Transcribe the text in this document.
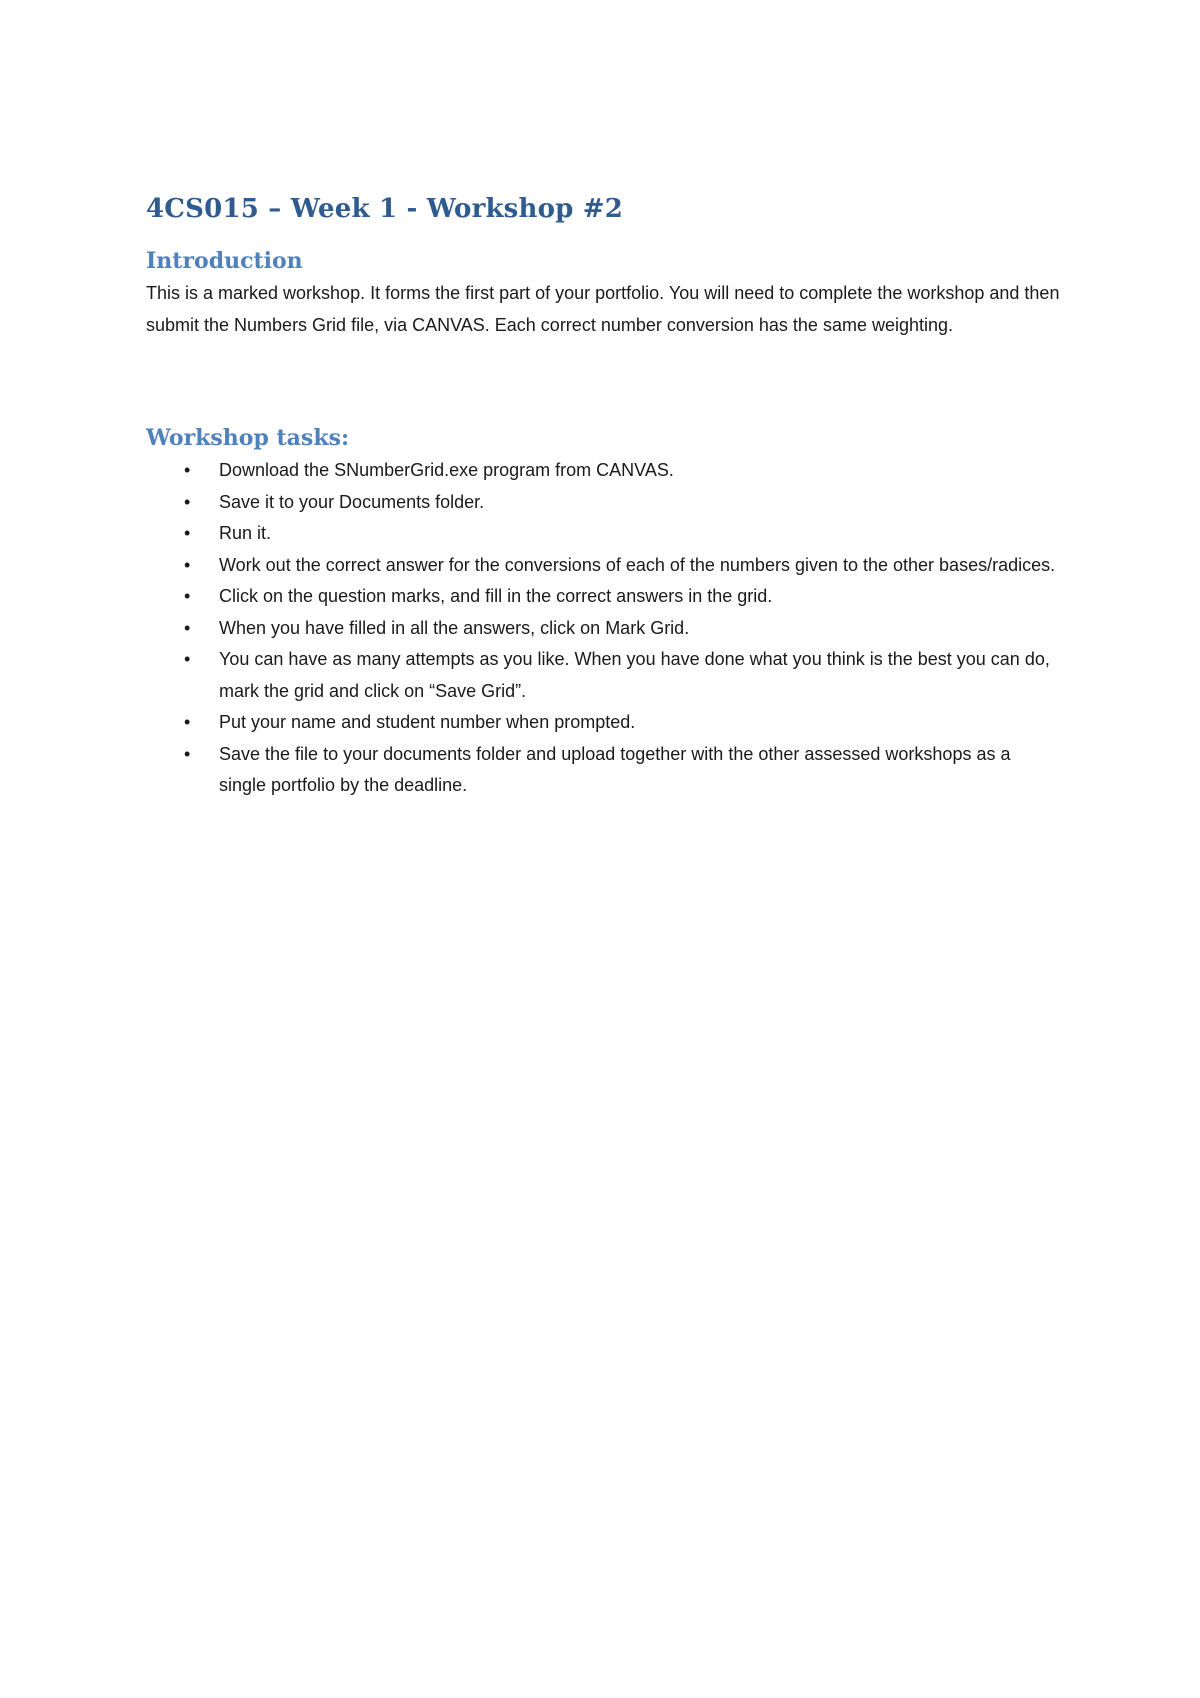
4CS015 – Week 1 - Workshop #2
Introduction

This is a marked workshop. It forms the first part of your portfolio. You will need to complete the workshop and then submit the Numbers Grid file, via CANVAS. Each correct number conversion has the same weighting.

Workshop tasks:
• Download the SNumberGrid.exe program from CANVAS.
• Save it to your Documents folder.
• Run it.
• Work out the correct answer for the conversions of each of the numbers given to the other bases/radices.
• Click on the question marks, and fill in the correct answers in the grid.
• When you have filled in all the answers, click on Mark Grid.
• You can have as many attempts as you like. When you have done what you think is the best you can do, mark the grid and click on “Save Grid”.
• Put your name and student number when prompted.
• Save the file to your documents folder and upload together with the other assessed workshops as a single portfolio by the deadline.
